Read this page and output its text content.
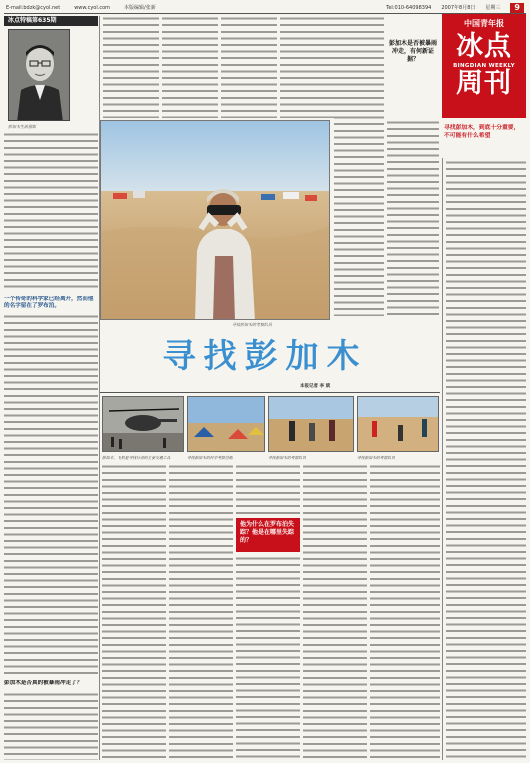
E-mail:bdzk@cyol.net	www.cyol.com	本版编辑/张新	Tel:010-64098394 2007年8月8日 星期三	9
中国青年报
冰点
BINGDIAN WEEKLY
周刊
寻找彭加木，到底十分重要，不可能有什么希望
冰点特稿第635期
彭加木生前留影
一个传奇的科学家已经离开，然而他的名字留在了罗布泊。
彭加木是否真的被暴雨冲走了？
寻找彭加木的考察队员
彭加木是否被暴雨冲走，有何新证据？
寻找彭加木
本报记者 李 斌
彭加木，飞机是寻找行动的主要交通工具	寻找彭加木的科学考察营地	寻找彭加木的考察队员	寻找彭加木的考察队员
他为什么在罗布泊失踪？他是在哪里失踪的？
